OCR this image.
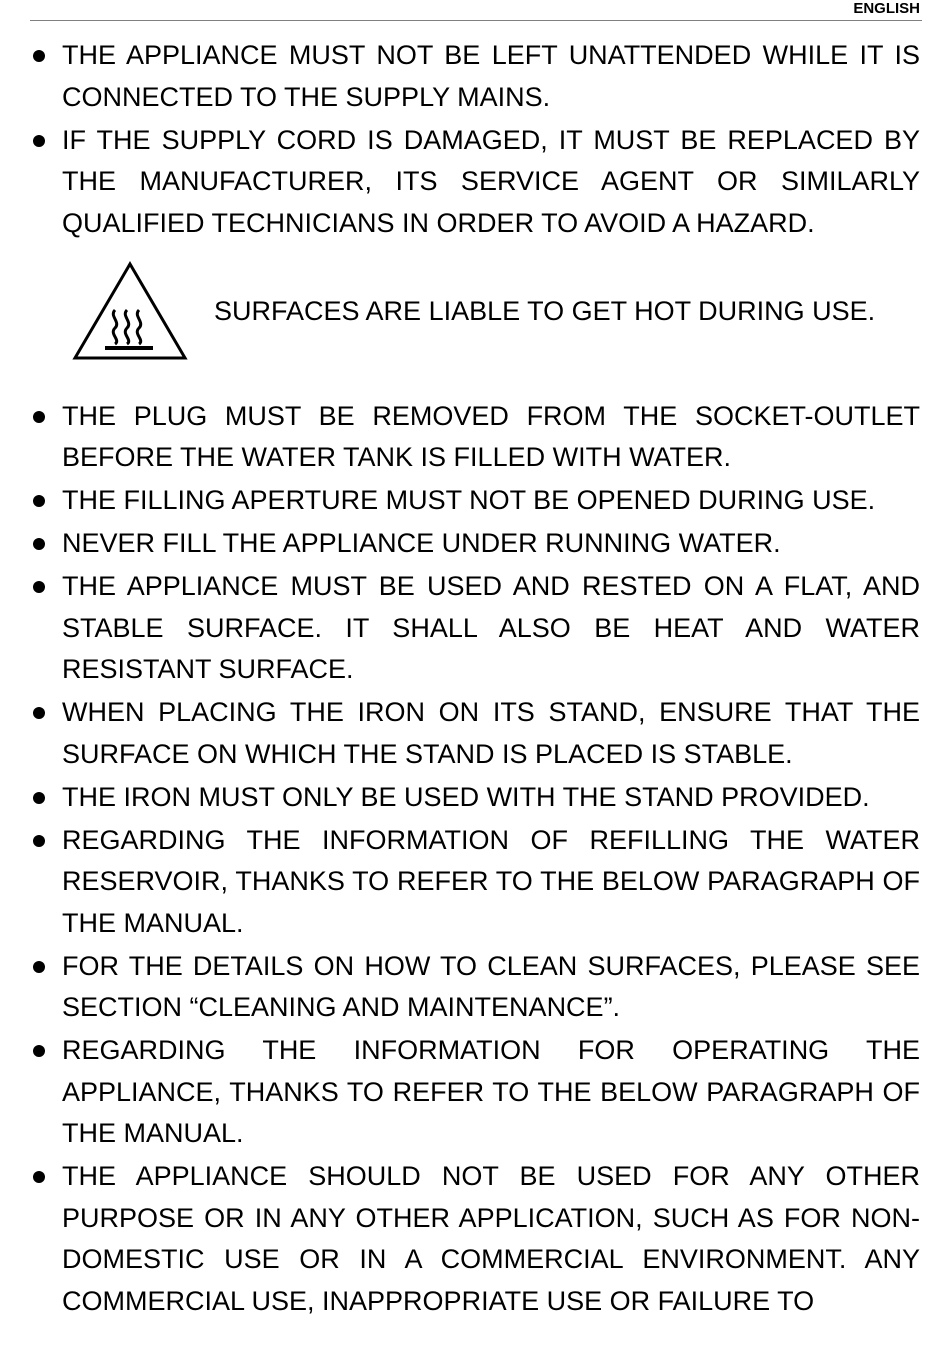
ENGLISH
THE APPLIANCE MUST NOT BE LEFT UNATTENDED WHILE IT IS CONNECTED TO THE SUPPLY MAINS.
IF THE SUPPLY CORD IS DAMAGED, IT MUST BE REPLACED BY THE MANUFACTURER, ITS SERVICE AGENT OR SIMILARLY QUALIFIED TECHNICIANS IN ORDER TO AVOID A HAZARD.
SURFACES ARE LIABLE TO GET HOT DURING USE.
THE PLUG MUST BE REMOVED FROM THE SOCKET-OUTLET BEFORE THE WATER TANK IS FILLED WITH WATER.
THE FILLING APERTURE MUST NOT BE OPENED DURING USE.
NEVER FILL THE APPLIANCE UNDER RUNNING WATER.
THE APPLIANCE MUST BE USED AND RESTED ON A FLAT, AND STABLE SURFACE. IT SHALL ALSO BE HEAT AND WATER RESISTANT SURFACE.
WHEN PLACING THE IRON ON ITS STAND, ENSURE THAT THE SURFACE ON WHICH THE STAND IS PLACED IS STABLE.
THE IRON MUST ONLY BE USED WITH THE STAND PROVIDED.
REGARDING THE INFORMATION OF REFILLING THE WATER RESERVOIR, THANKS TO REFER TO THE BELOW PARAGRAPH OF THE MANUAL.
FOR THE DETAILS ON HOW TO CLEAN SURFACES, PLEASE SEE SECTION “CLEANING AND MAINTENANCE”.
REGARDING THE INFORMATION FOR OPERATING THE APPLIANCE, THANKS TO REFER TO THE BELOW PARAGRAPH OF THE MANUAL.
THE APPLIANCE SHOULD NOT BE USED FOR ANY OTHER PURPOSE OR IN ANY OTHER APPLICATION, SUCH AS FOR NON-DOMESTIC USE OR IN A COMMERCIAL ENVIRONMENT. ANY COMMERCIAL USE, INAPPROPRIATE USE OR FAILURE TO
